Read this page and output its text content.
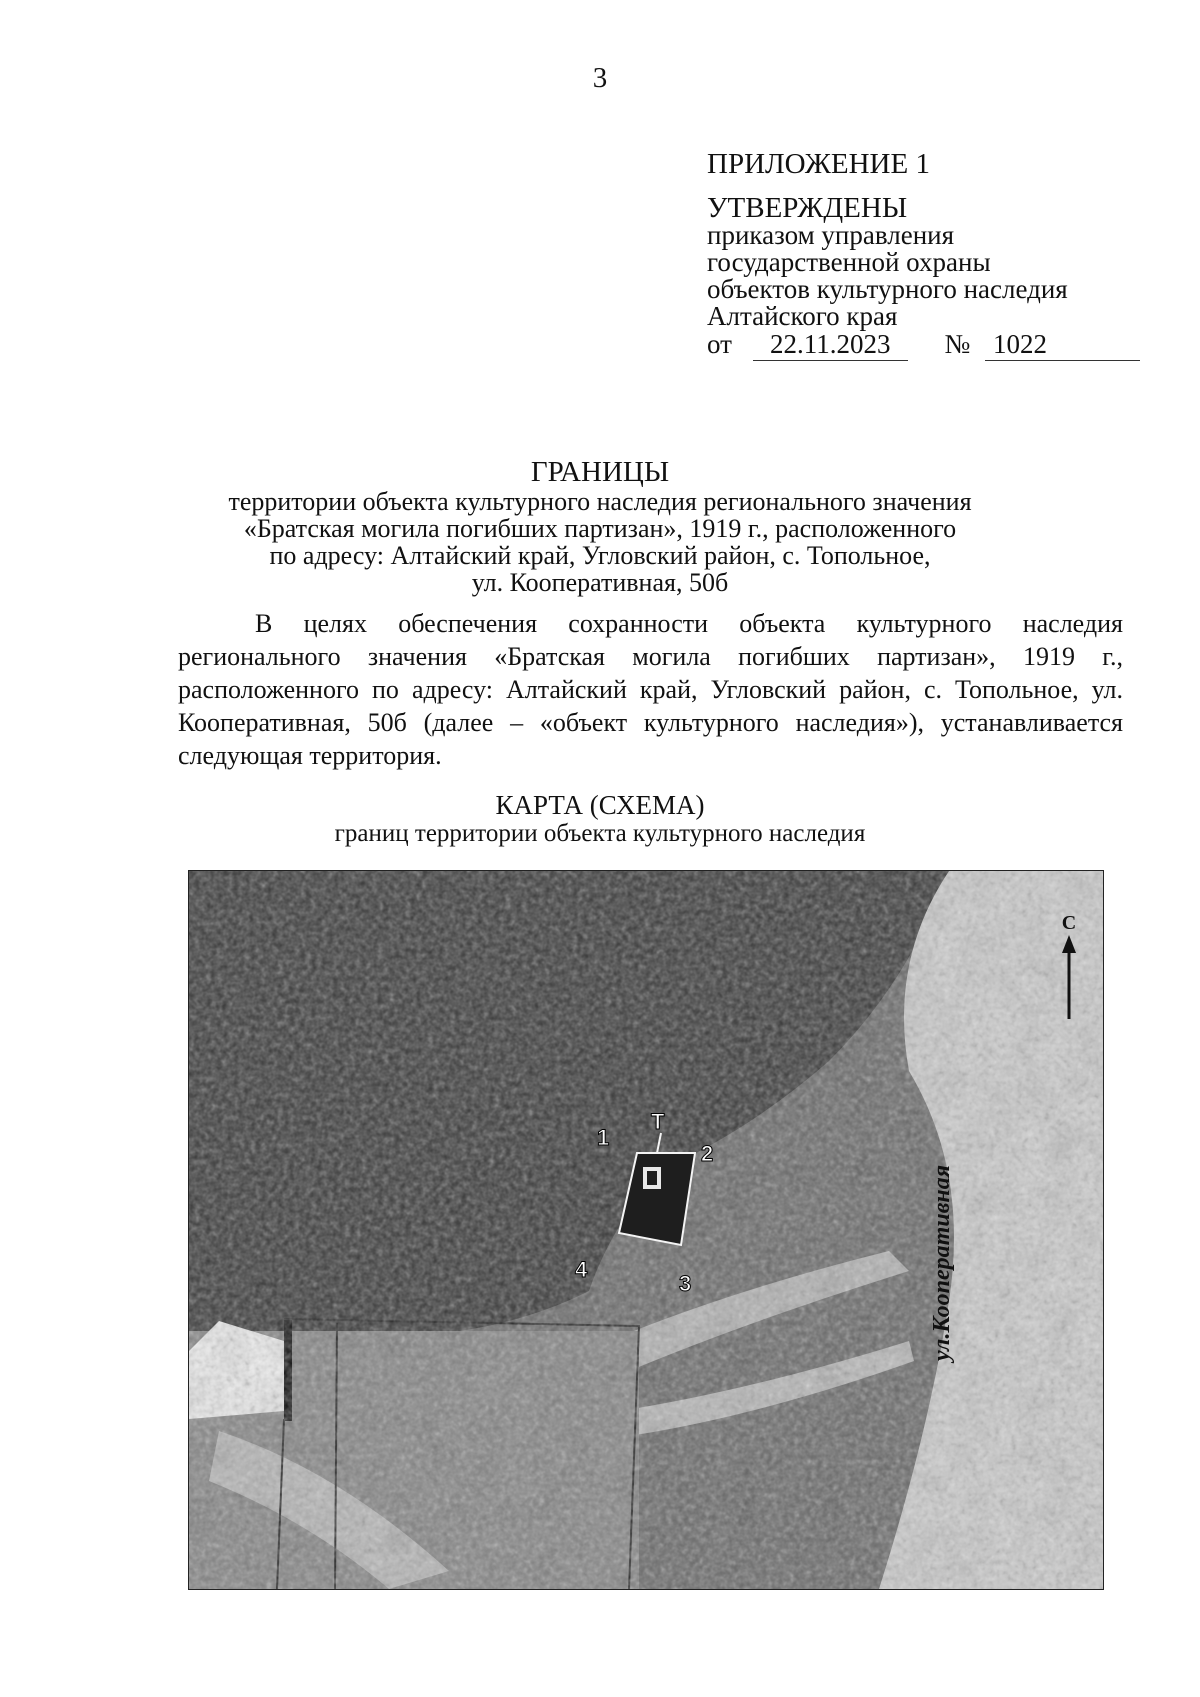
3
ПРИЛОЖЕНИЕ 1
УТВЕРЖДЕНЫ
приказом управления
государственной охраны
объектов культурного наследия
Алтайского края
от 22.11.2023 № 1022
ГРАНИЦЫ
территории объекта культурного наследия регионального значения
«Братская могила погибших партизан», 1919 г., расположенного
по адресу: Алтайский край, Угловский район, с. Топольное,
ул. Кооперативная, 50б
В целях обеспечения сохранности объекта культурного наследия регионального значения «Братская могила погибших партизан», 1919 г., расположенного по адресу: Алтайский край, Угловский район, с. Топольное, ул. Кооперативная, 50б (далее – «объект культурного наследия»), устанавливается следующая территория.
КАРТА (СХЕМА)
границ территории объекта культурного наследия
С
1
2
3
4
Т
ул.Кооперативная
